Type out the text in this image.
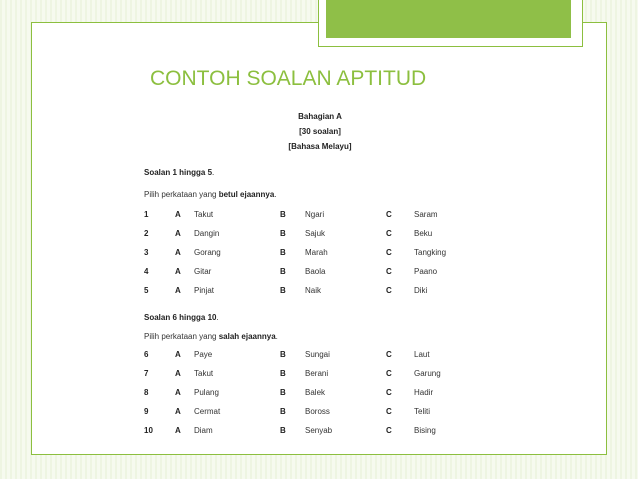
CONTOH SOALAN APTITUD
Bahagian A
[30 soalan]
[Bahasa Melayu]
Soalan 1 hingga 5.
Pilih perkataan yang betul ejaannya.
1	A Takut	B Ngari	C	Saram
2	A Dangin	B Sajuk	C	Beku
3	A Gorang	B Marah	C	Tangking
4	A Gitar	B Baola	C	Paano
5	A Pinjat	B Naik	C	Diki
Soalan 6 hingga 10.
Pilih perkataan yang salah ejaannya.
6	A Paye	B Sungai	C	Laut
7	A Takut	B Berani	C	Garung
8	A Pulang	B Balek	C	Hadir
9	A Cermat	B Boross	C	Teliti
10	A Diam	B Senyab	C	Bising
